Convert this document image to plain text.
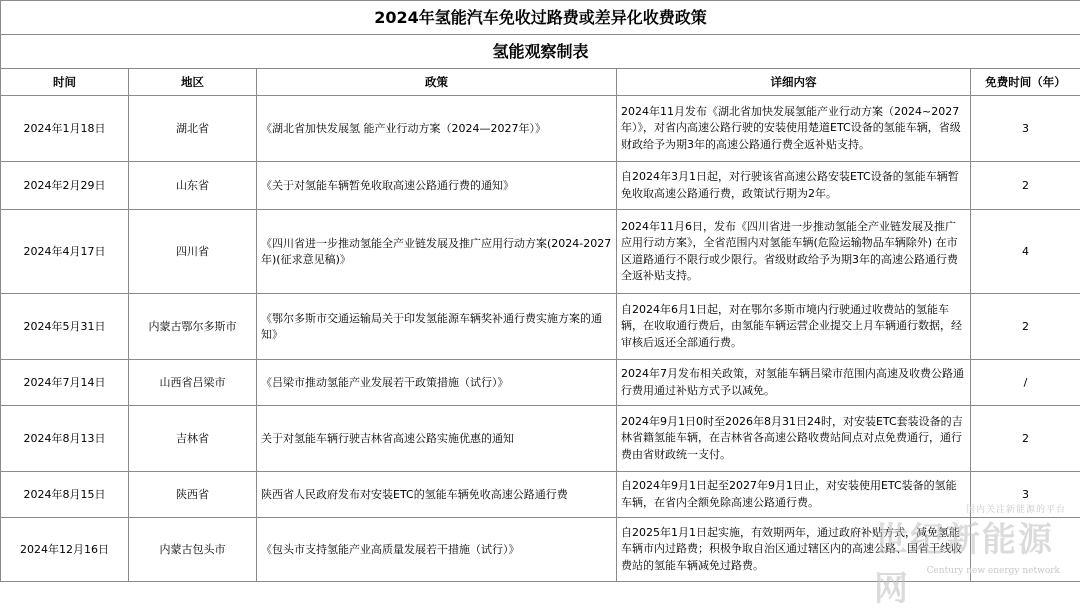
2024年氢能汽车免收过路费或差异化收费政策				
氢能观察制表				
时间	地区	政策	详细内容	免费时间（年）
2024年1月18日	湖北省	《湖北省加快发展氢 能产业行动方案（2024—2027年）》	2024年11月发布《湖北省加快发展氢能产业行动方案（2024~2027年）》，对省内高速公路行驶的安装使用楚道ETC设备的氢能车辆，省级财政给予为期3年的高速公路通行费全返补贴支持。	3
2024年2月29日	山东省	《关于对氢能车辆暂免收取高速公路通行费的通知》	自2024年3月1日起，对行驶该省高速公路安装ETC设备的氢能车辆暂免收取高速公路通行费，政策试行期为2年。	2
2024年4月17日	四川省	《四川省进一步推动氢能全产业链发展及推广应用行动方案(2024-2027年)(征求意见稿)》	2024年11月6日，发布《四川省进一步推动氢能全产业链发展及推广应用行动方案》，全省范围内对氢能车辆(危险运输物品车辆除外) 在市区道路通行不限行或少限行。省级财政给予为期3年的高速公路通行费全返补贴支持。	4
2024年5月31日	内蒙古鄂尔多斯市	《鄂尔多斯市交通运输局关于印发氢能源车辆奖补通行费实施方案的通知》	自2024年6月1日起，对在鄂尔多斯市境内行驶通过收费站的氢能车辆，在收取通行费后，由氢能车辆运营企业提交上月车辆通行数据，经审核后返还全部通行费。	2
2024年7月14日	山西省吕梁市	《吕梁市推动氢能产业发展若干政策措施（试行）》	2024年7月发布相关政策，对氢能车辆吕梁市范围内高速及收费公路通行费用通过补贴方式予以减免。	/
2024年8月13日	吉林省	关于对氢能车辆行驶吉林省高速公路实施优惠的通知	2024年9月1日0时至2026年8月31日24时，对安装ETC套装设备的吉林省籍氢能车辆，在吉林省各高速公路收费站间点对点免费通行，通行费由省财政统一支付。	2
2024年8月15日	陕西省	陕西省人民政府发布对安装ETC的氢能车辆免收高速公路通行费	自2024年9月1日起至2027年9月1日止，对安装使用ETC装备的氢能车辆，在省内全额免除高速公路通行费。	3
2024年12月16日	内蒙古包头市	《包头市支持氢能产业高质量发展若干措施（试行）》	自2025年1月1日起实施，有效期两年，通过政府补贴方式，减免氢能车辆市内过路费；积极争取自治区通过辖区内的高速公路、国省干线收费站的氢能车辆减免过路费。	
国内关注新能源的平台
世纪新能源网	Century new energy network
